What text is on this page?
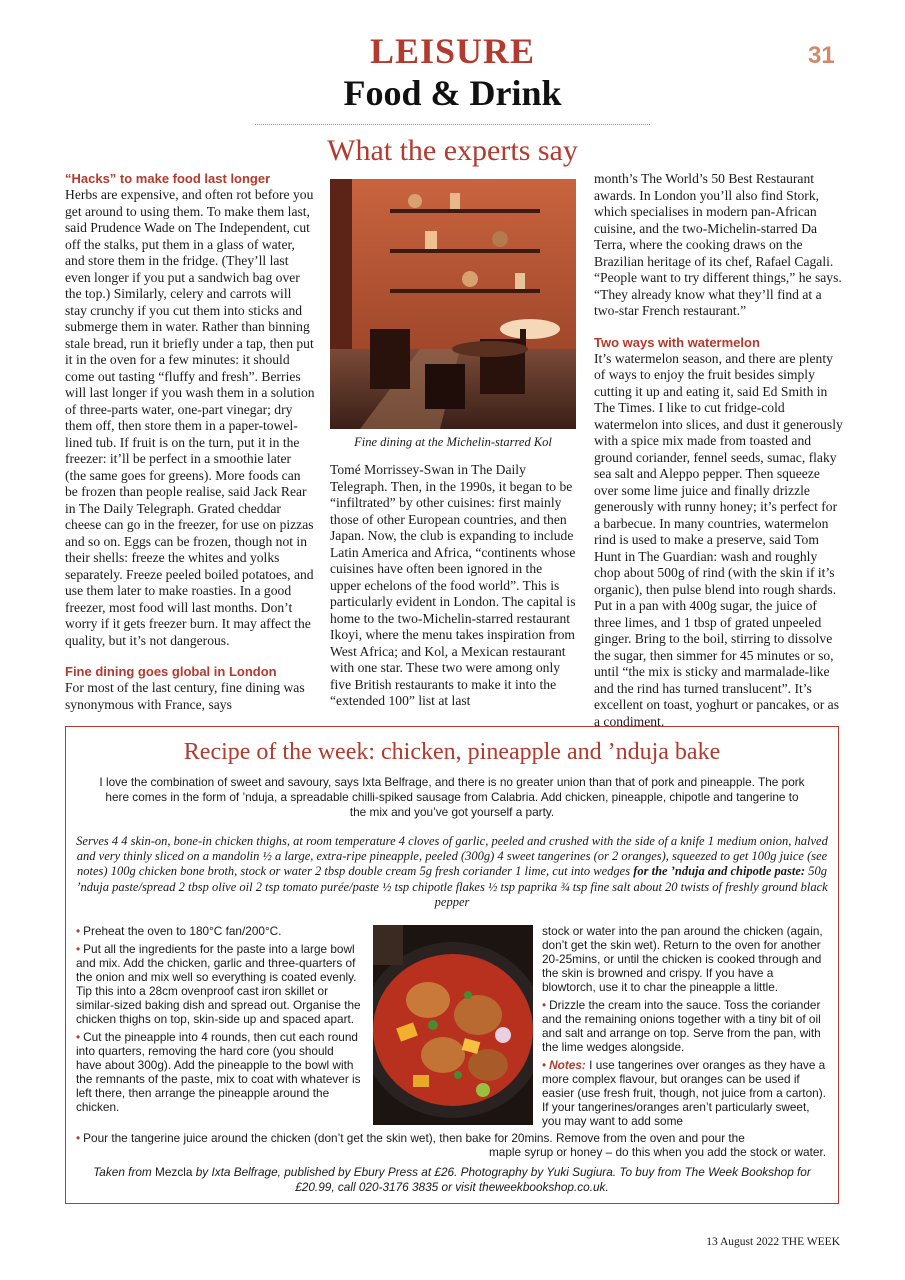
LEISURE	31
Food & Drink
What the experts say
“Hacks” to make food last longer

Herbs are expensive, and often rot before you get around to using them. To make them last, said Prudence Wade on The Independent, cut off the stalks, put them in a glass of water, and store them in the fridge. (They’ll last even longer if you put a sandwich bag over the top.) Similarly, celery and carrots will stay crunchy if you cut them into sticks and submerge them in water. Rather than binning stale bread, run it briefly under a tap, then put it in the oven for a few minutes: it should come out tasting “fluffy and fresh”. Berries will last longer if you wash them in a solution of three-parts water, one-part vinegar; dry them off, then store them in a paper-towel-lined tub. If fruit is on the turn, put it in the freezer: it’ll be perfect in a smoothie later (the same goes for greens). More foods can be frozen than people realise, said Jack Rear in The Daily Telegraph. Grated cheddar cheese can go in the freezer, for use on pizzas and so on. Eggs can be frozen, though not in their shells: freeze the whites and yolks separately. Freeze peeled boiled potatoes, and use them later to make roasties. In a good freezer, most food will last months. Don’t worry if it gets freezer burn. It may affect the quality, but it’s not dangerous.

Fine dining goes global in London

For most of the last century, fine dining was synonymous with France, says

Fine dining at the Michelin-starred Kol

Tomé Morrissey-Swan in The Daily Telegraph. Then, in the 1990s, it began to be “infiltrated” by other cuisines: first mainly those of other European countries, and then Japan. Now, the club is expanding to include Latin America and Africa, “continents whose cuisines have often been ignored in the upper echelons of the food world”. This is particularly evident in London. The capital is home to the two-Michelin-starred restaurant Ikoyi, where the menu takes inspiration from West Africa; and Kol, a Mexican restaurant with one star. These two were among only five British restaurants to make it into the “extended 100” list at last

month’s The World’s 50 Best Restaurant awards. In London you’ll also find Stork, which specialises in modern pan-African cuisine, and the two-Michelin-starred Da Terra, where the cooking draws on the Brazilian heritage of its chef, Rafael Cagali. “People want to try different things,” he says. “They already know what they’ll find at a two-star French restaurant.”

Two ways with watermelon

It’s watermelon season, and there are plenty of ways to enjoy the fruit besides simply cutting it up and eating it, said Ed Smith in The Times. I like to cut fridge-cold watermelon into slices, and dust it generously with a spice mix made from toasted and ground coriander, fennel seeds, sumac, flaky sea salt and Aleppo pepper. Then squeeze over some lime juice and finally drizzle generously with runny honey; it’s perfect for a barbecue. In many countries, watermelon rind is used to make a preserve, said Tom Hunt in The Guardian: wash and roughly chop about 500g of rind (with the skin if it’s organic), then pulse blend into rough shards. Put in a pan with 400g sugar, the juice of three limes, and 1 tbsp of grated unpeeled ginger. Bring to the boil, stirring to dissolve the sugar, then simmer for 45 minutes or so, until “the mix is sticky and marmalade-like and the rind has turned translucent”. It’s excellent on toast, yoghurt or pancakes, or as a condiment.

Recipe of the week: chicken, pineapple and ’nduja bake
I love the combination of sweet and savoury, says Ixta Belfrage, and there is no greater union than that of pork and pineapple. The pork here comes in the form of ’nduja, a spreadable chilli-spiked sausage from Calabria. Add chicken, pineapple, chipotle and tangerine to the mix and you’ve got yourself a party.
Serves 4 4 skin-on, bone-in chicken thighs, at room temperature 4 cloves of garlic, peeled and crushed with the side of a knife 1 medium onion, halved and very thinly sliced on a mandolin ½ a large, extra-ripe pineapple, peeled (300g) 4 sweet tangerines (or 2 oranges), squeezed to get 100g juice (see notes) 100g chicken bone broth, stock or water 2 tbsp double cream 5g fresh coriander 1 lime, cut into wedges for the ’nduja and chipotle paste: 50g ’nduja paste/spread 2 tbsp olive oil 2 tsp tomato purée/paste ½ tsp chipotle flakes ½ tsp paprika ¾ tsp fine salt about 20 twists of freshly ground black pepper

• Preheat the oven to 180°C fan/200°C.

• Put all the ingredients for the paste into a large bowl and mix. Add the chicken, garlic and three-quarters of the onion and mix well so everything is coated evenly. Tip this into a 28cm ovenproof cast iron skillet or similar-sized baking dish and spread out. Organise the chicken thighs on top, skin-side up and spaced apart.

• Cut the pineapple into 4 rounds, then cut each round into quarters, removing the hard core (you should have about 300g). Add the pineapple to the bowl with the remnants of the paste, mix to coat with whatever is left there, then arrange the pineapple around the chicken.

stock or water into the pan around the chicken (again, don’t get the skin wet). Return to the oven for another 20-25mins, or until the chicken is cooked through and the skin is browned and crispy. If you have a blowtorch, use it to char the pineapple a little.

• Drizzle the cream into the sauce. Toss the coriander and the remaining onions together with a tiny bit of oil and salt and arrange on top. Serve from the pan, with the lime wedges alongside.

• Notes: I use tangerines over oranges as they have a more complex flavour, but oranges can be used if easier (use fresh fruit, though, not juice from a carton). If your tangerines/oranges aren’t particularly sweet, you may want to add some

• Pour the tangerine juice around the chicken (don’t get the skin wet), then bake for 20mins. Remove from the oven and pour the
maple syrup or honey – do this when you add the stock or water.
Taken from Mezcla by Ixta Belfrage, published by Ebury Press at £26. Photography by Yuki Sugiura. To buy from The Week Bookshop for £20.99, call 020-3176 3835 or visit theweekbookshop.co.uk.
13 August 2022 THE WEEK
